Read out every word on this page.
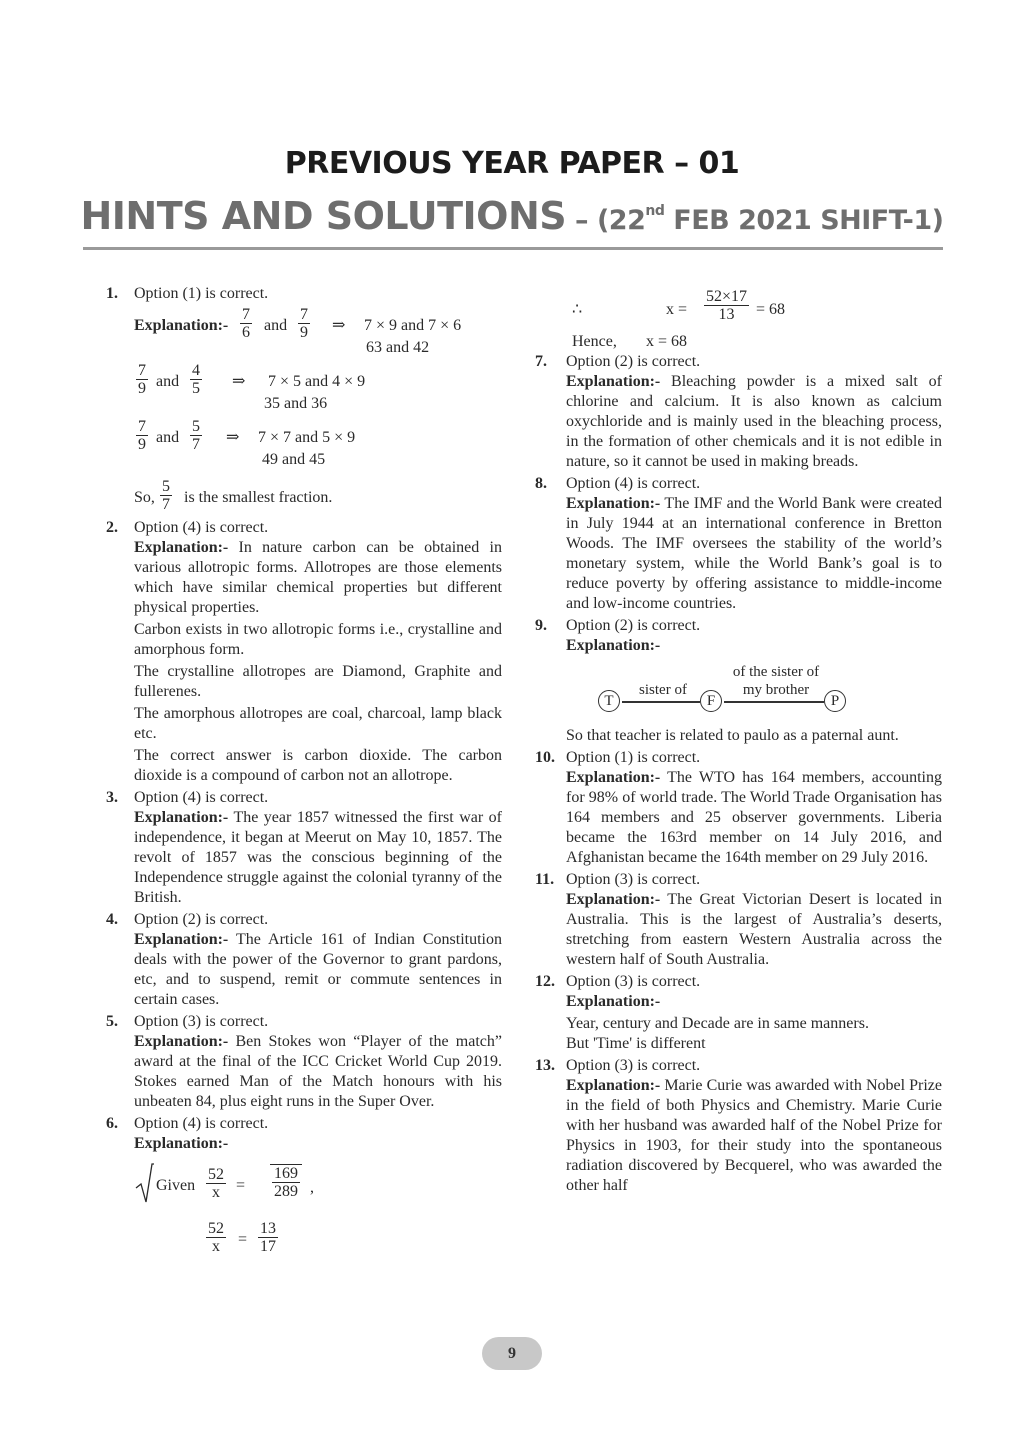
PREVIOUS YEAR PAPER – 01
HINTS AND SOLUTIONS – (22nd FEB 2021 SHIFT-1)
1. Option (1) is correct.

Explanation:- $\frac{7}{6}$ and $\frac{7}{9}$ ⇒ 7 × 9 and 7 × 6
63 and 42
$\frac{7}{9}$ and $\frac{4}{5}$ ⇒ 7 × 5 and 4 × 9
35 and 36
$\frac{7}{9}$ and $\frac{5}{7}$ ⇒ 7 × 7 and 5 × 9
49 and 45
So, $\frac{5}{7}$ is the smallest fraction.
2. Option (4) is correct.

Explanation:- In nature carbon can be obtained in various allotropic forms. Allotropes are those elements which have similar chemical properties but different physical properties.

Carbon exists in two allotropic forms i.e., crystalline and amorphous form.

The crystalline allotropes are Diamond, Graphite and fullerenes.

The amorphous allotropes are coal, charcoal, lamp black etc.

The correct answer is carbon dioxide. The carbon dioxide is a compound of carbon not an allotrope.

3. Option (4) is correct.

Explanation:- The year 1857 witnessed the first war of independence, it began at Meerut on May 10, 1857. The revolt of 1857 was the conscious beginning of the Independence struggle against the colonial tyranny of the British.

4. Option (2) is correct.

Explanation:- The Article 161 of Indian Constitution deals with the power of the Governor to grant pardons, etc, and to suspend, remit or commute sentences in certain cases.

5. Option (3) is correct.

Explanation:- Ben Stokes won “Player of the match” award at the final of the ICC Cricket World Cup 2019. Stokes earned Man of the Match honours with his unbeaten 84, plus eight runs in the Super Over.

6. Option (4) is correct.

Explanation:-

Given $\frac{52}{x} = \frac{169}{289}$ ,
$\frac{52}{x} = \frac{13}{17}$
∴	$x = \frac{52\times 17}{13} = 68$
Hence, x = 68
7. Option (2) is correct.

Explanation:- Bleaching powder is a mixed salt of chlorine and calcium. It is also known as calcium oxychloride and is mainly used in the bleaching process, in the formation of other chemicals and it is not edible in nature, so it cannot be used in making breads.

8. Option (4) is correct.

Explanation:- The IMF and the World Bank were created in July 1944 at an international conference in Bretton Woods. The IMF oversees the stability of the world’s monetary system, while the World Bank’s goal is to reduce poverty by offering assistance to middle-income and low-income countries.

9. Option (2) is correct.

Explanation:-

T
sister of
F
of the sister of
my brother
P

So that teacher is related to paulo as a paternal aunt.

10. Option (1) is correct.

Explanation:- The WTO has 164 members, accounting for 98% of world trade. The World Trade Organisation has 164 members and 25 observer governments. Liberia became the 163rd member on 14 July 2016, and Afghanistan became the 164th member on 29 July 2016.

11. Option (3) is correct.

Explanation:- The Great Victorian Desert is located in Australia. This is the largest of Australia’s deserts, stretching from eastern Western Australia across the western half of South Australia.

12. Option (3) is correct.

Explanation:-

Year, century and Decade are in same manners.

But 'Time' is different

13. Option (3) is correct.

Explanation:- Marie Curie was awarded with Nobel Prize in the field of both Physics and Chemistry. Marie Curie with her husband was awarded half of the Nobel Prize for Physics in 1903, for their study into the spontaneous radiation discovered by Becquerel, who was awarded the other half

9
